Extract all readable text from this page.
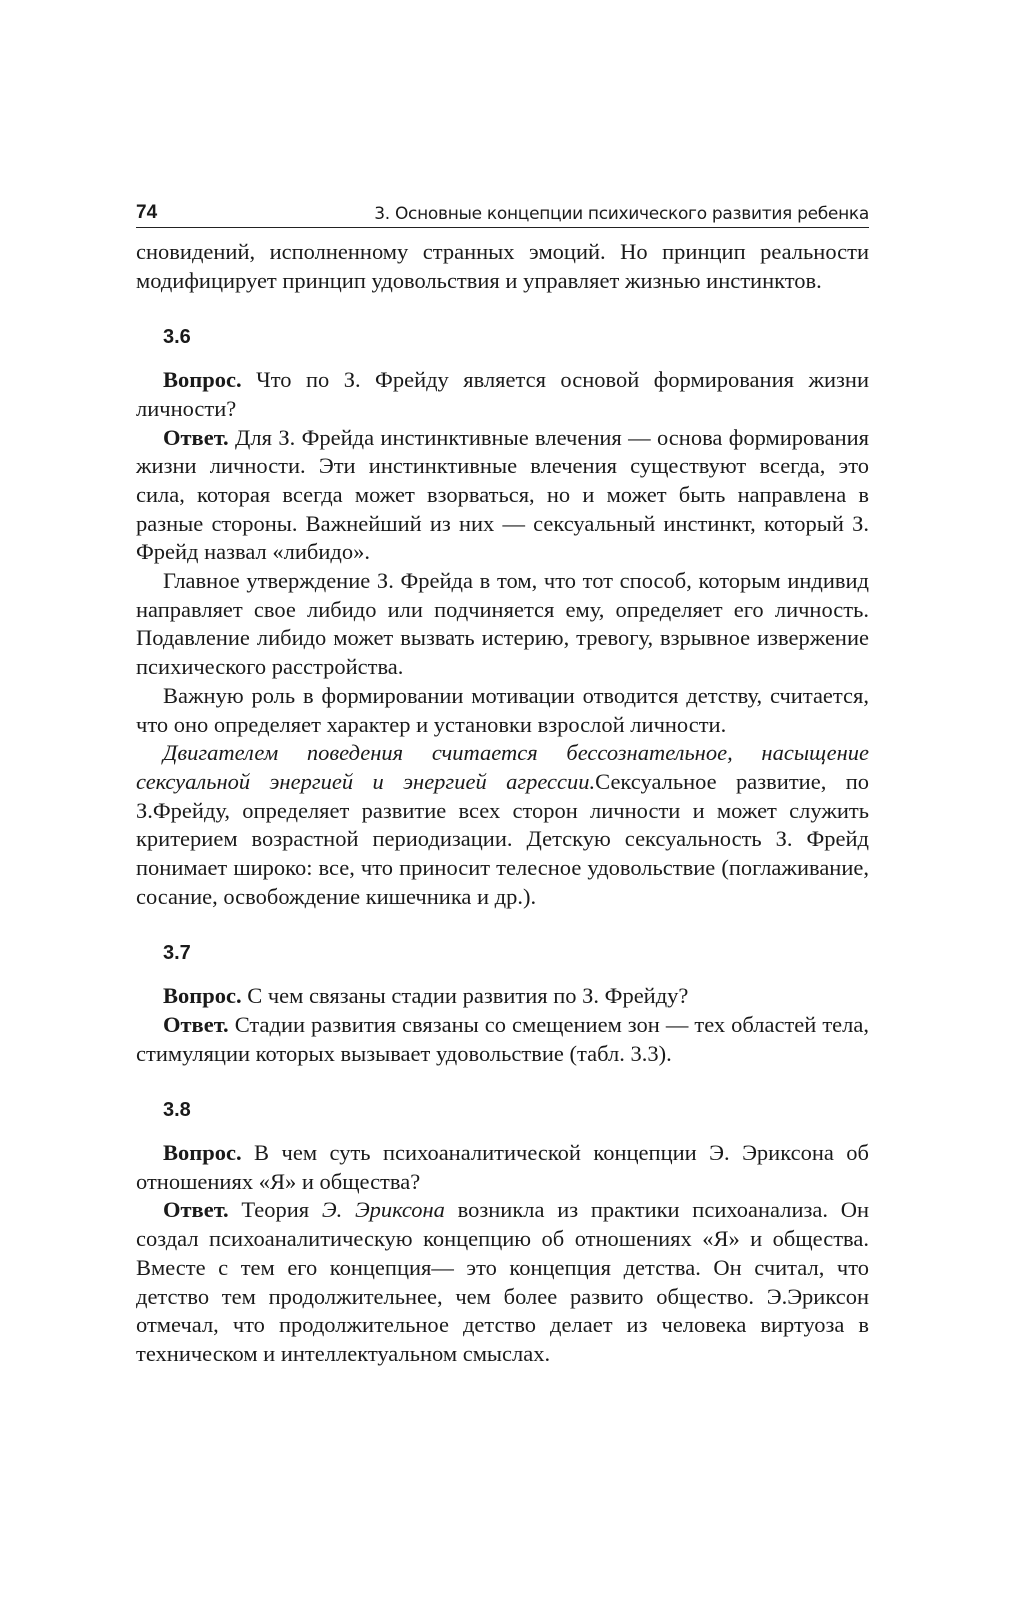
74	3. Основные концепции психического развития ребенка

сновидений, исполненному странных эмоций. Но принцип реальности модифицирует принцип удовольствия и управляет жизнью инстинктов.

3.6

Вопрос. Что по З. Фрейду является основой формирования жизни личности?

Ответ. Для З. Фрейда инстинктивные влечения — основа формирования жизни личности. Эти инстинктивные влечения существуют всегда, это сила, которая всегда может взорваться, но и может быть направлена в разные стороны. Важнейший из них — сексуальный инстинкт, который З. Фрейд назвал «либидо».

Главное утверждение З. Фрейда в том, что тот способ, которым индивид направляет свое либидо или подчиняется ему, определяет его личность. Подавление либидо может вызвать истерию, тревогу, взрывное извержение психического расстройства.

Важную роль в формировании мотивации отводится детству, считается, что оно определяет характер и установки взрослой личности.

Двигателем поведения считается бессознательное, насыщение сексуальной энергией и энергией агрессии.Сексуальное развитие, по З.Фрейду, определяет развитие всех сторон личности и может служить критерием возрастной периодизации. Детскую сексуальность З. Фрейд понимает широко: все, что приносит телесное удовольствие (поглаживание, сосание, освобождение кишечника и др.).

3.7

Вопрос. С чем связаны стадии развития по З. Фрейду?

Ответ. Стадии развития связаны со смещением зон — тех областей тела, стимуляции которых вызывает удовольствие (табл. 3.3).

3.8

Вопрос. В чем суть психоаналитической концепции Э. Эриксона об отношениях «Я» и общества?

Ответ. Теория Э. Эриксона возникла из практики психоанализа. Он создал психоаналитическую концепцию об отношениях «Я» и общества. Вместе с тем его концепция— это концепция детства. Он считал, что детство тем продолжительнее, чем более развито общество. Э.Эриксон отмечал, что продолжительное детство делает из человека виртуоза в техническом и интеллектуальном смыслах.
